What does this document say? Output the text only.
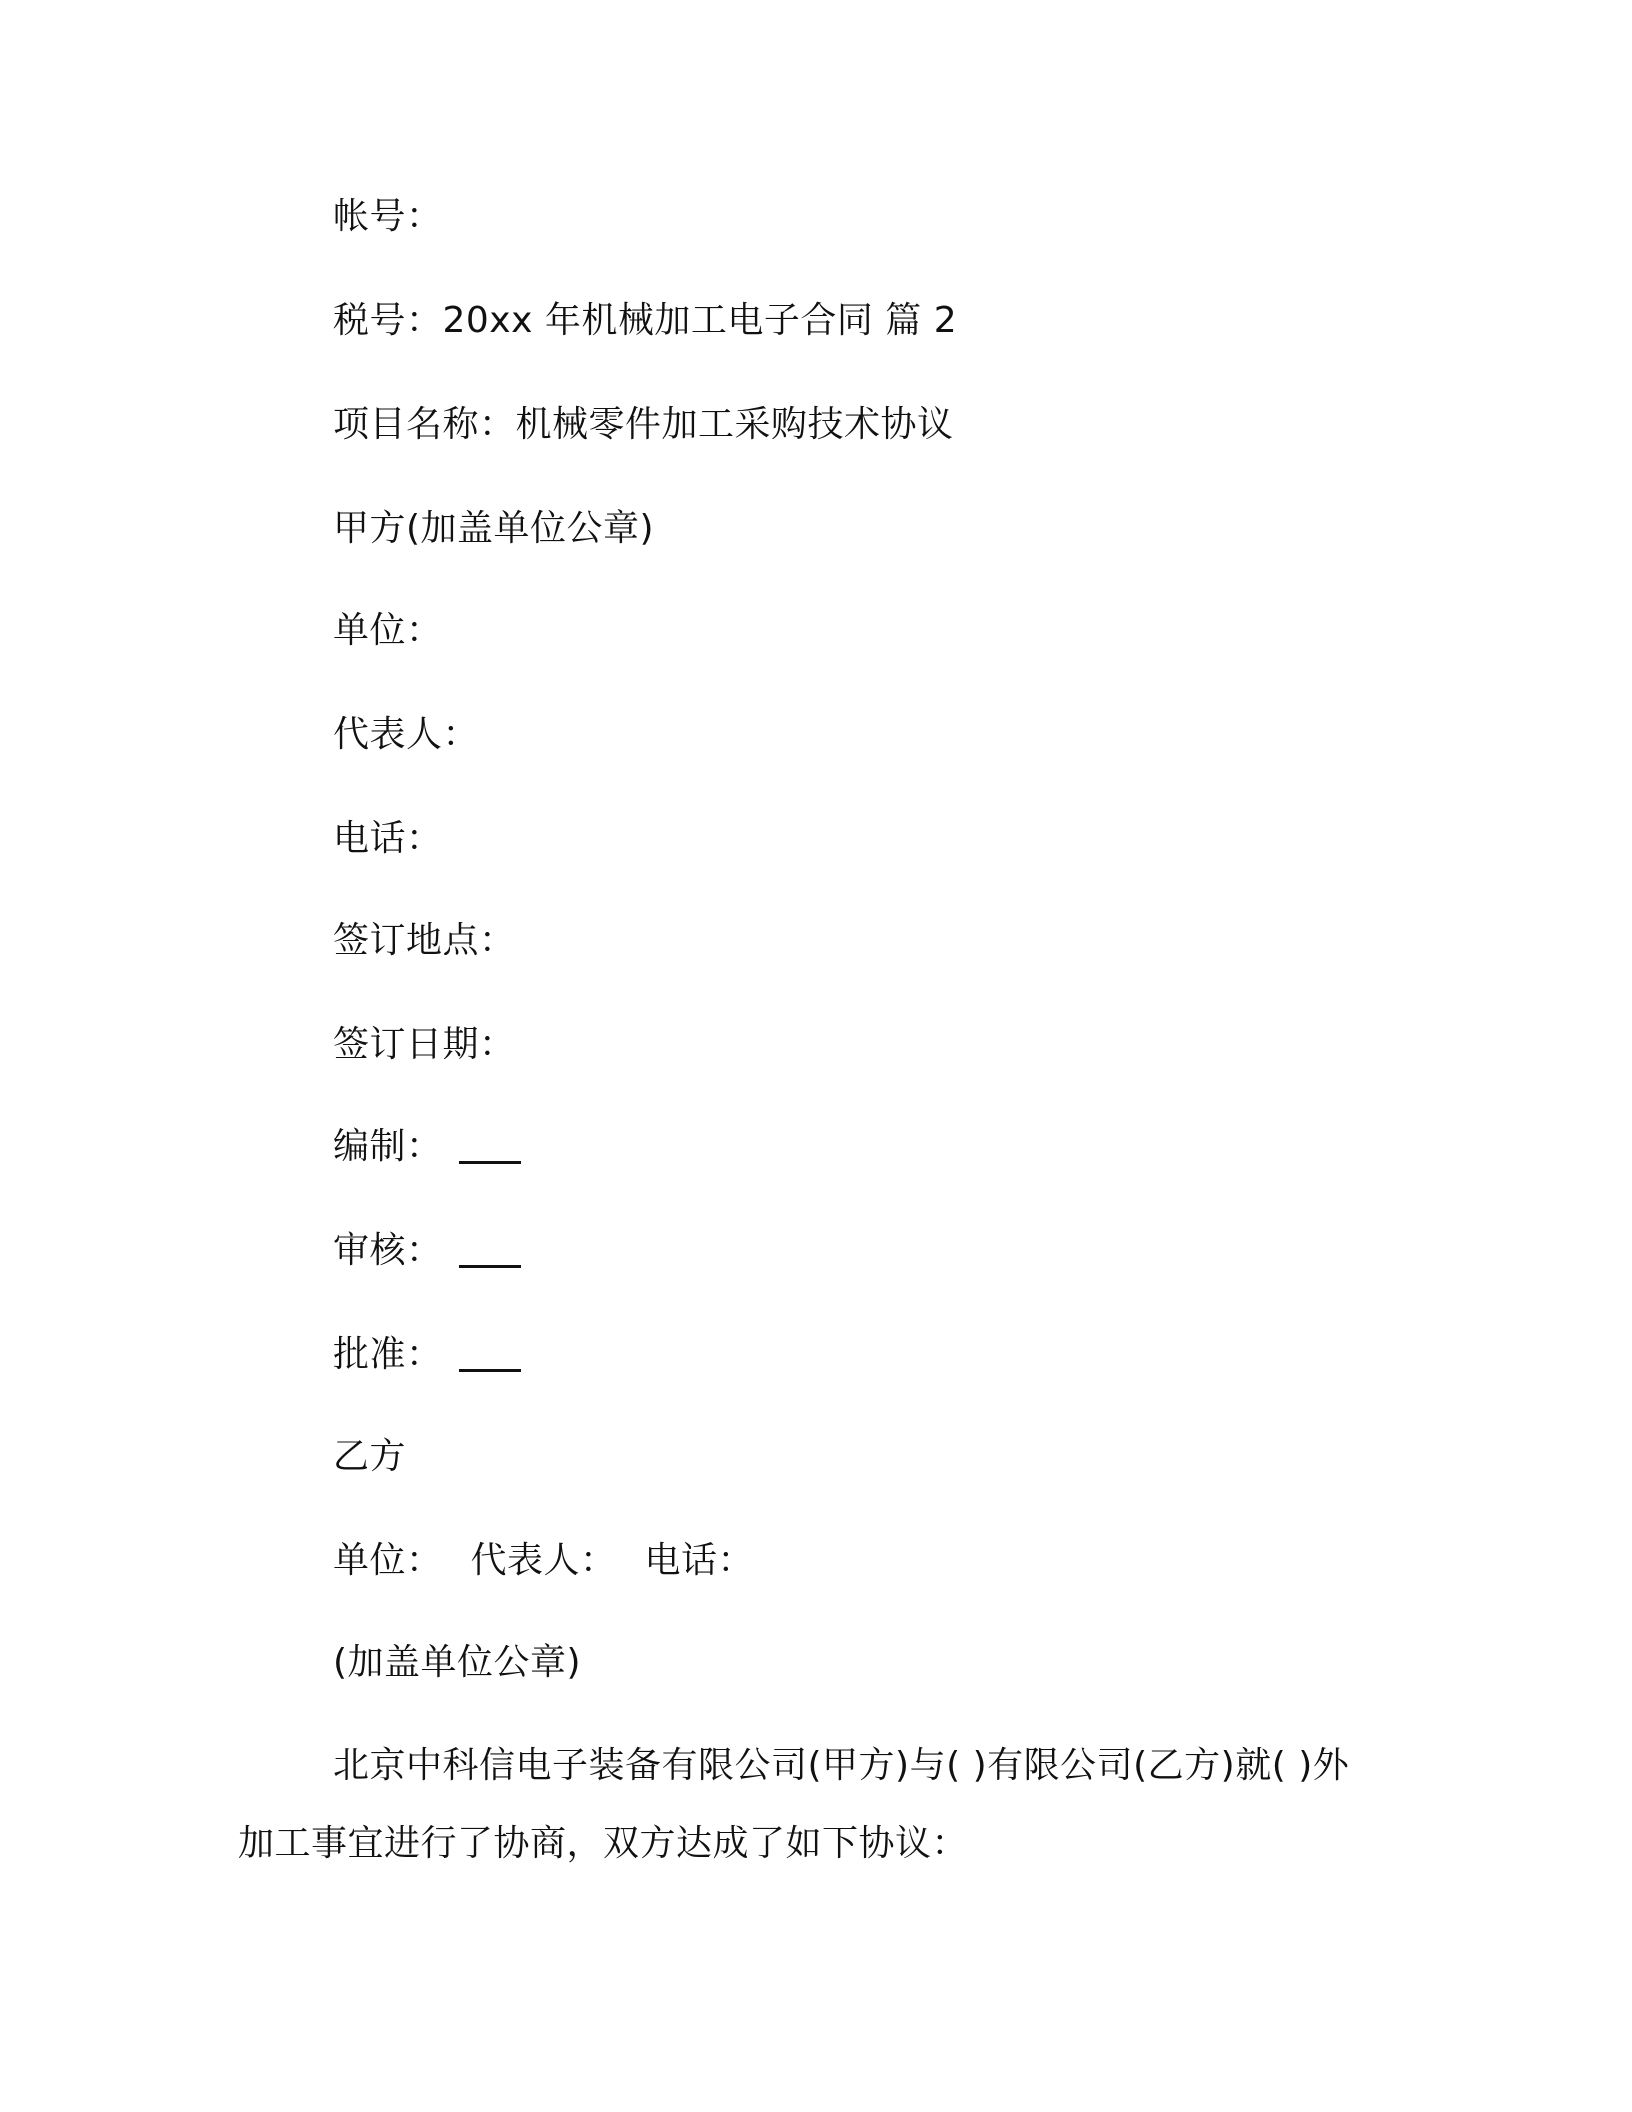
帐号：
税号：20xx 年机械加工电子合同 篇 2
项目名称：机械零件加工采购技术协议
甲方(加盖单位公章)
单位：
代表人：
电话：
签订地点：
签订日期：
编制：
审核：
批准：
乙方
单位： 代表人： 电话：
(加盖单位公章)
北京中科信电子装备有限公司(甲方)与( )有限公司(乙方)就( )外加工事宜进行了协商，双方达成了如下协议：
